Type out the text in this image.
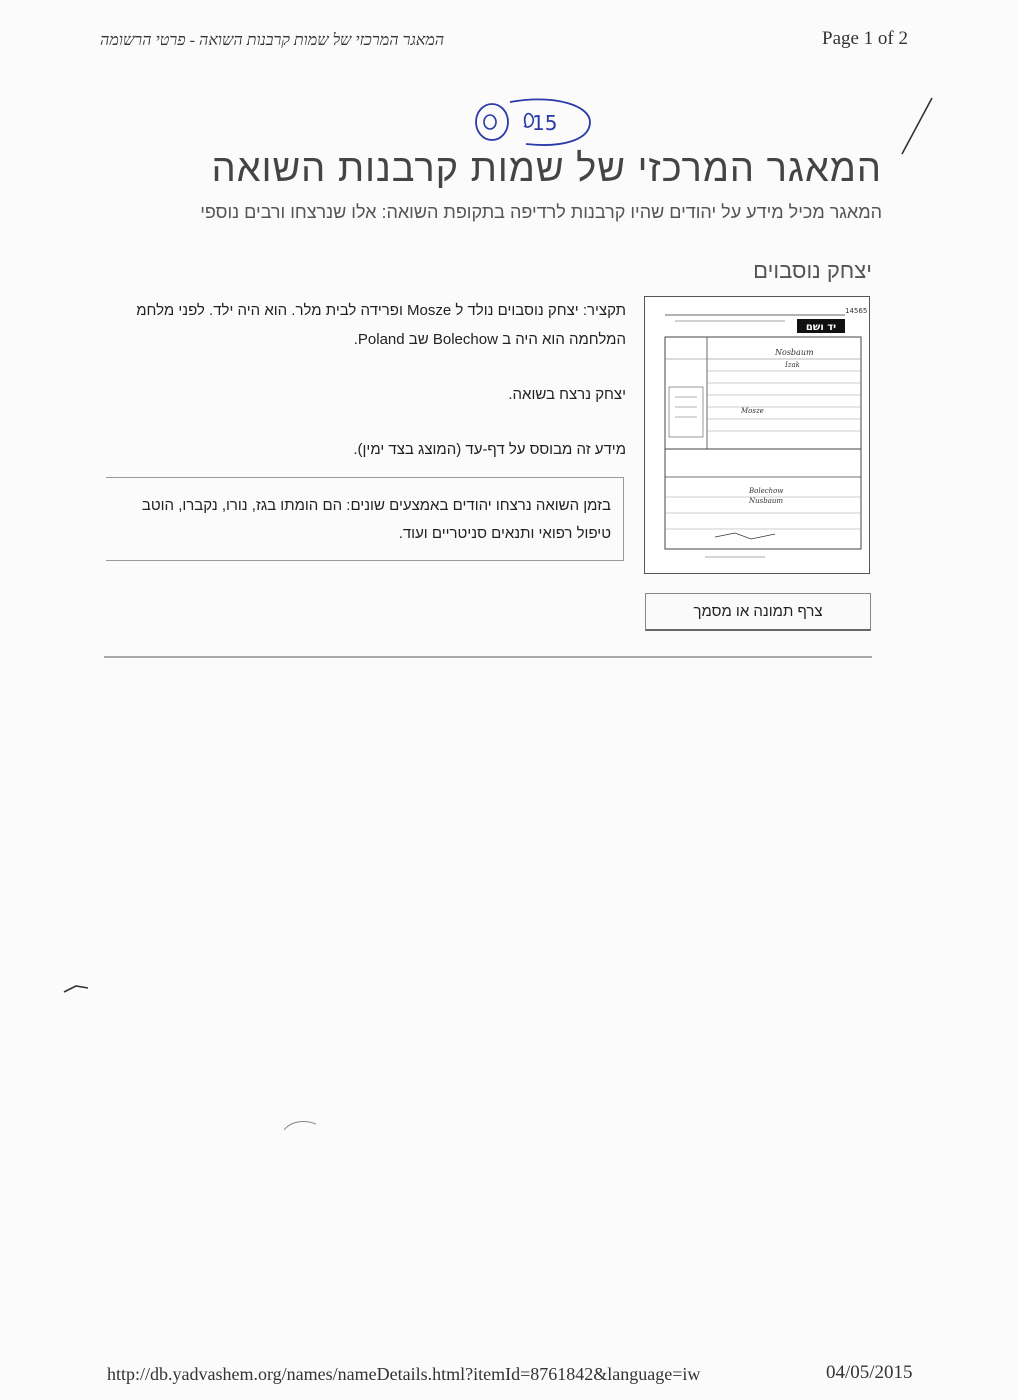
המאגר המרכזי של שמות קרבנות השואה - פרטי הרשומה	Page 1 of 2
15
המאגר המרכזי של שמות קרבנות השואה
המאגר מכיל מידע על יהודים שהיו קרבנות לרדיפה בתקופת השואה: אלו שנרצחו ורבים נוספי
יצחק נוסבוים

תקציר: יצחק נוסבוים נולד ל Mosze ופרידה לבית מלר. הוא היה ילד. לפני מלחמ
המלחמה הוא היה ב Bolechow שב Poland.

יצחק נרצח בשואה.

מידע זה מבוסס על דף-עד (המוצג בצד ימין).

בזמן השואה נרצחו יהודים באמצעים שונים: הם הומתו בגז, נורו, נקברו, הוטב
טיפול רפואי ותנאים סניטריים ועוד.
14565
יד ושם
Nosbaum
Izak
Mosze
Bolechow
Nusbaum
צרף תמונה או מסמך
http://db.yadvashem.org/names/nameDetails.html?itemId=8761842&language=iw	04/05/2015
